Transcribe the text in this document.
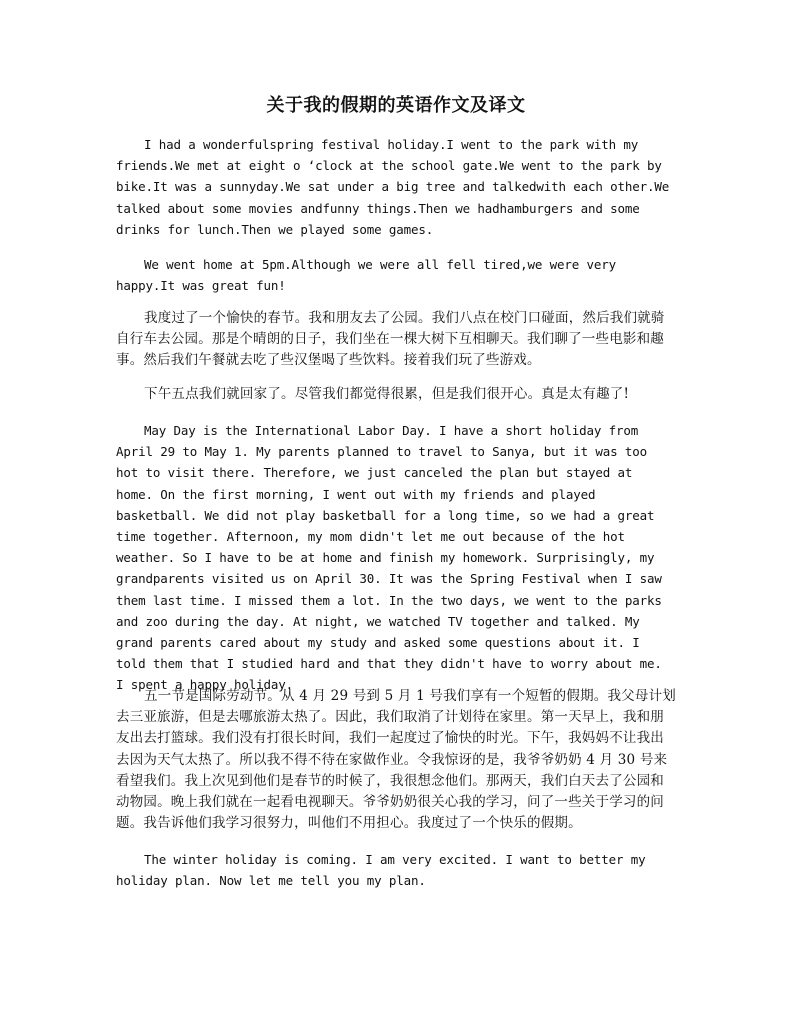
关于我的假期的英语作文及译文

I had a wonderfulspring festival holiday.I went to the park with my friends.We met at eight o ‘clock at the school gate.We went to the park by bike.It was a sunnyday.We sat under a big tree and talkedwith each other.We talked about some movies andfunny things.Then we hadhamburgers and some drinks for lunch.Then we played some games.

We went home at 5pm.Although we were all fell tired,we were very happy.It was great fun!

我度过了一个愉快的春节。我和朋友去了公园。我们八点在校门口碰面，然后我们就骑自行车去公园。那是个晴朗的日子，我们坐在一棵大树下互相聊天。我们聊了一些电影和趣事。然后我们午餐就去吃了些汉堡喝了些饮料。接着我们玩了些游戏。

下午五点我们就回家了。尽管我们都觉得很累，但是我们很开心。真是太有趣了!

May Day is the International Labor Day. I have a short holiday from April 29 to May 1. My parents planned to travel to Sanya, but it was too hot to visit there. Therefore, we just canceled the plan but stayed at home. On the first morning, I went out with my friends and played basketball. We did not play basketball for a long time, so we had a great time together. Afternoon, my mom didn't let me out because of the hot weather. So I have to be at home and finish my homework. Surprisingly, my grandparents visited us on April 30. It was the Spring Festival when I saw them last time. I missed them a lot. In the two days, we went to the parks and zoo during the day. At night, we watched TV together and talked. My grand parents cared about my study and asked some questions about it. I told them that I studied hard and that they didn't have to worry about me. I spent a happy holiday.

五一节是国际劳动节。从 4 月 29 号到 5 月 1 号我们享有一个短暂的假期。我父母计划去三亚旅游，但是去哪旅游太热了。因此，我们取消了计划待在家里。第一天早上，我和朋友出去打篮球。我们没有打很长时间，我们一起度过了愉快的时光。下午，我妈妈不让我出去因为天气太热了。所以我不得不待在家做作业。令我惊讶的是，我爷爷奶奶 4 月 30 号来看望我们。我上次见到他们是春节的时候了，我很想念他们。那两天，我们白天去了公园和动物园。晚上我们就在一起看电视聊天。爷爷奶奶很关心我的学习，问了一些关于学习的问题。我告诉他们我学习很努力，叫他们不用担心。我度过了一个快乐的假期。

The winter holiday is coming. I am very excited. I want to better my holiday plan. Now let me tell you my plan.
